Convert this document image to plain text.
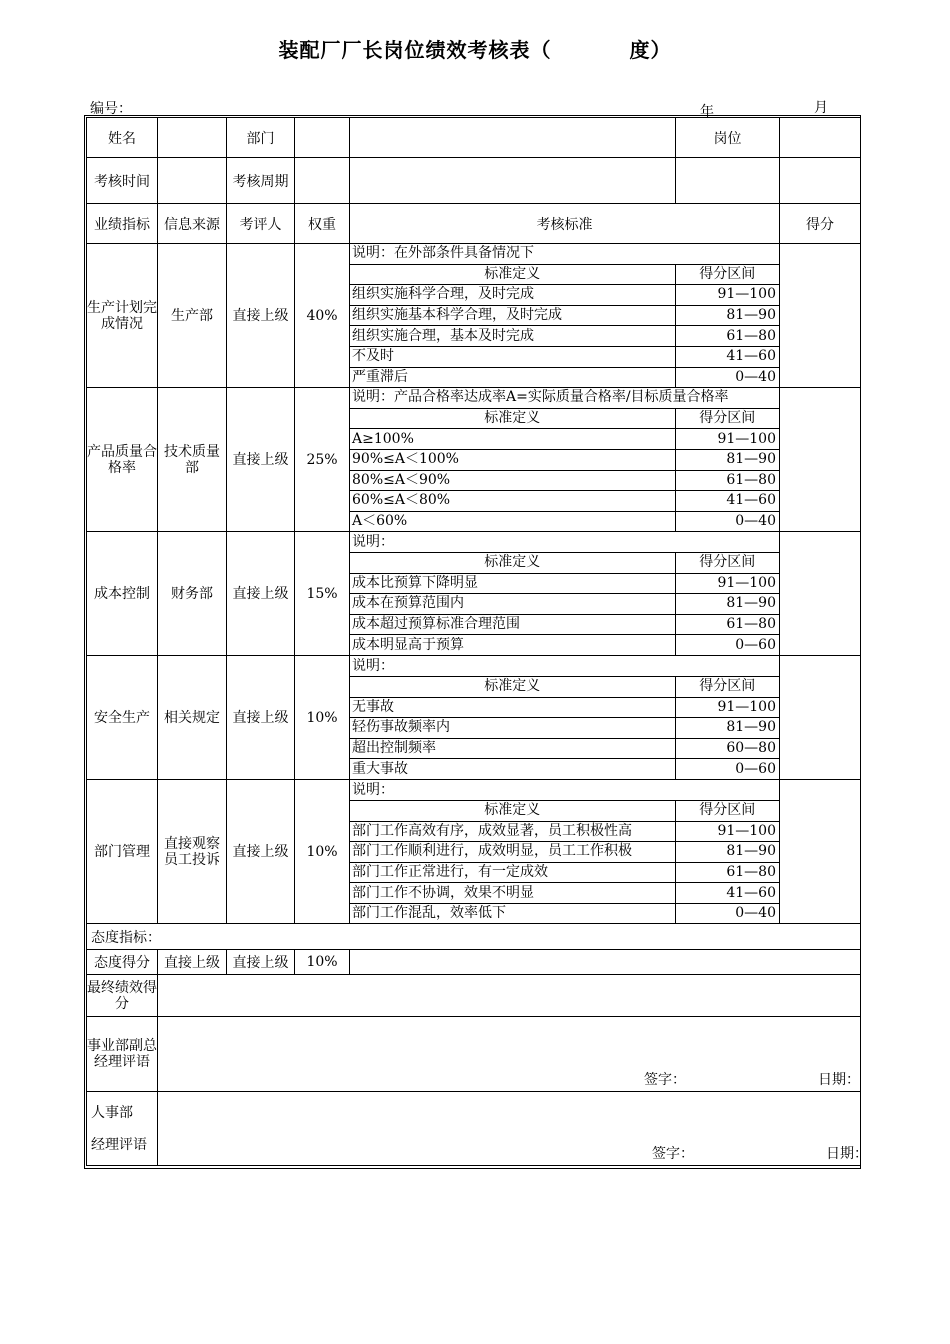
装配厂厂长岗位绩效考核表（	度）
编号：	年	月
姓名		部门			岗位	
考核时间		考核周期				
业绩指标	信息来源	考评人	权重	考核标准	得分
生产计划完成情况	生产部	直接上级	40%	
说明：在外部条件具备情况下
标准定义	得分区间
组织实施科学合理，及时完成	91—100
组织实施基本科学合理，及时完成	81—90
组织实施合理，基本及时完成	61—80
不及时	41—60
严重滞后	0—40

产品质量合格率	技术质量部	直接上级	25%	
说明：产品合格率达成率A=实际质量合格率/目标质量合格率
标准定义	得分区间
A≥100%	91—100
90%≤A＜100%	81—90
80%≤A＜90%	61—80
60%≤A＜80%	41—60
A＜60%	0—40

成本控制	财务部	直接上级	15%	
说明：
标准定义	得分区间
成本比预算下降明显	91—100
成本在预算范围内	81—90
成本超过预算标准合理范围	61—80
成本明显高于预算	0—60

安全生产	相关规定	直接上级	10%	
说明：
标准定义	得分区间
无事故	91—100
轻伤事故频率内	81—90
超出控制频率	60—80
重大事故	0—60

部门管理	直接观察员工投诉	直接上级	10%	
说明：
标准定义	得分区间
部门工作高效有序，成效显著，员工积极性高	91—100
部门工作顺利进行，成效明显，员工工作积极	81—90
部门工作正常进行，有一定成效	61—80
部门工作不协调，效果不明显	41—60
部门工作混乱，效率低下	0—40

态度指标：
态度得分	直接上级	直接上级	10%	
最终绩效得分	
事业部副总经理评语	
签字：	日期：

人事部
经理评语

签字：	日期：
